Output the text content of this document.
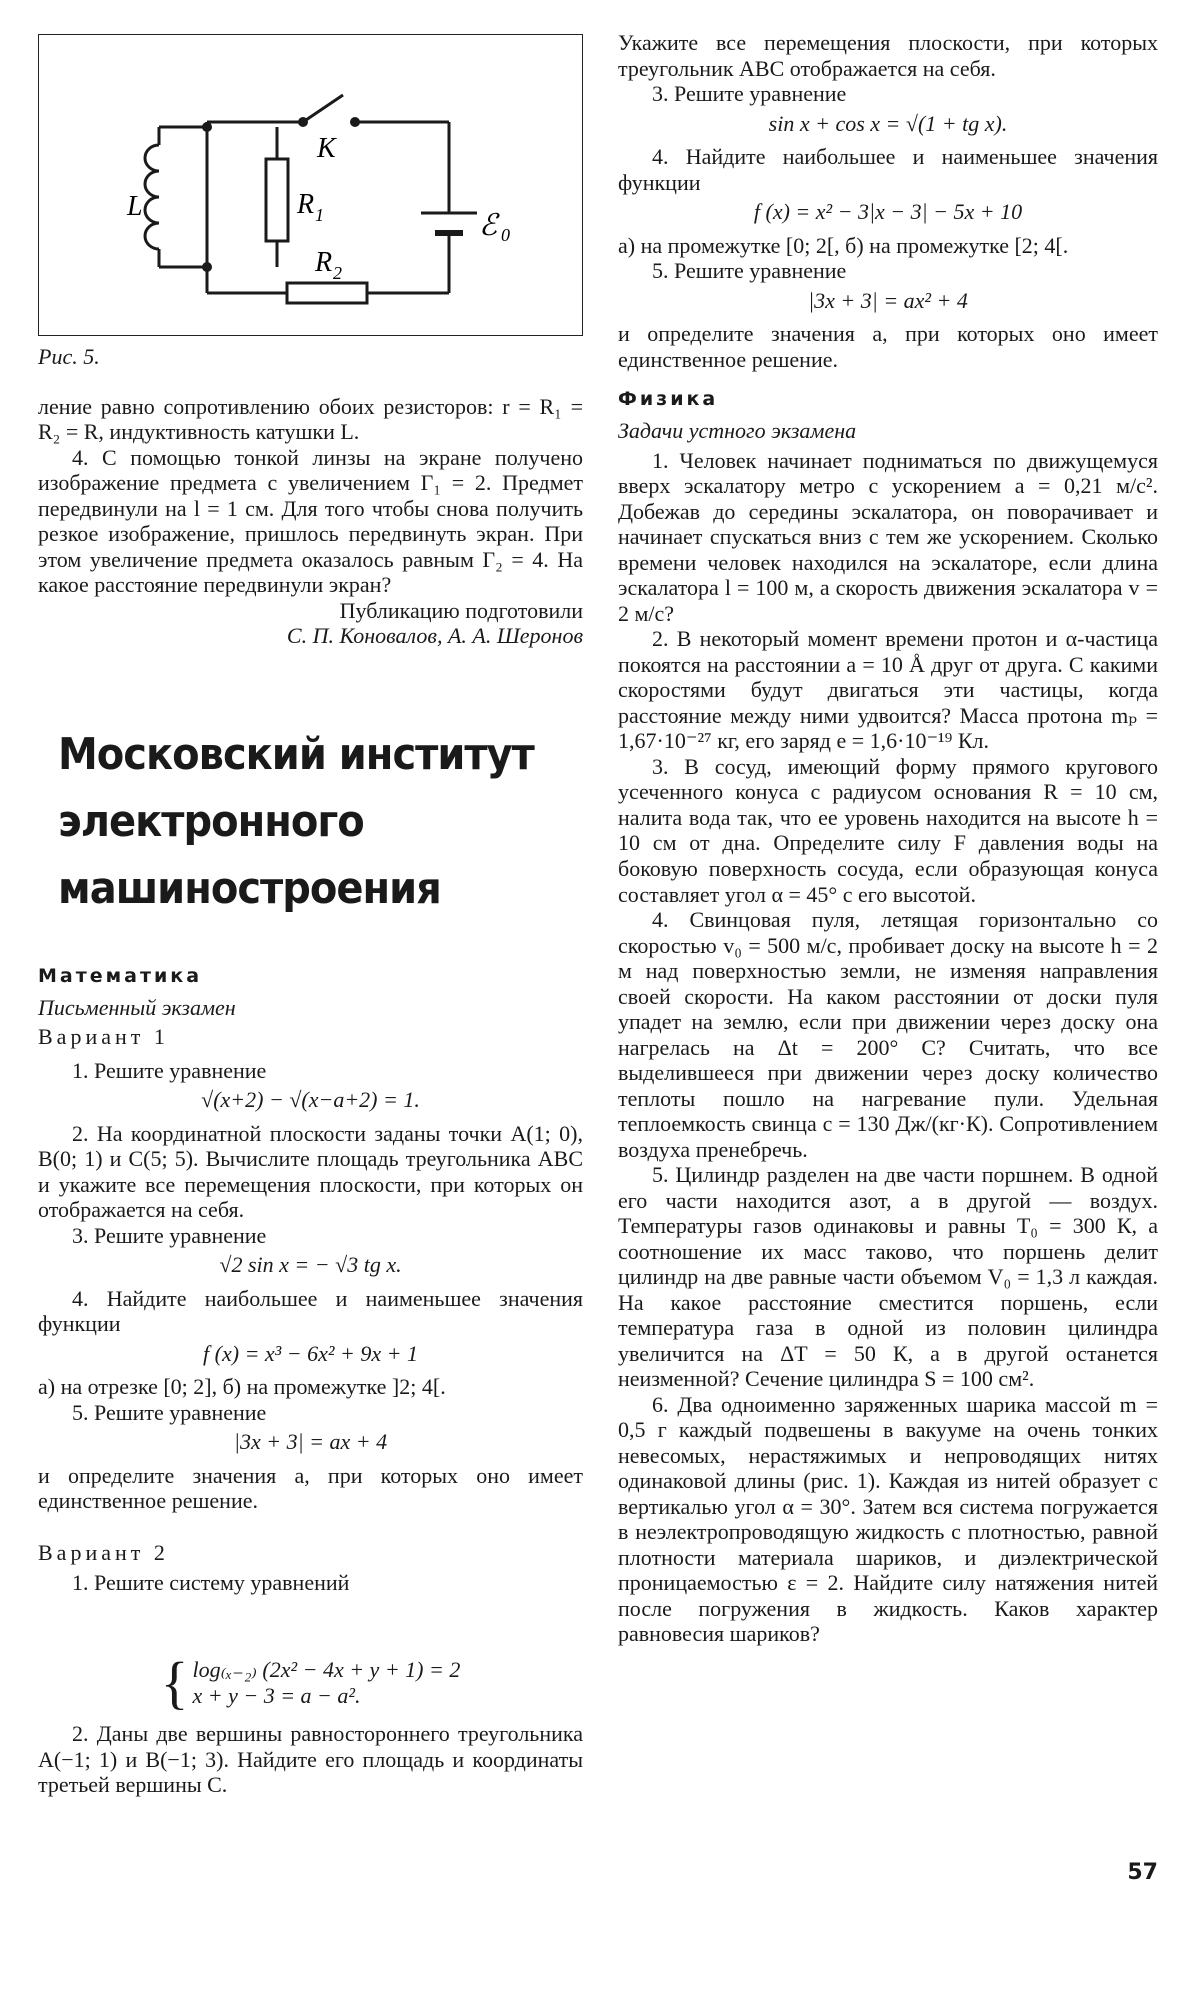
K
L	R 1
R 2
ℰ 0

Рис. 5.

ление равно сопротивлению обоих резисторов: r = R₁ = R₂ = R, индуктивность катушки L.

4. С помощью тонкой линзы на экране получено изображение предмета с увеличением Γ₁ = 2. Предмет передвинули на l = 1 см. Для того чтобы снова получить резкое изображение, пришлось передвинуть экран. При этом увеличение предмета оказалось равным Γ₂ = 4. На какое расстояние передвинули экран?

Публикацию подготовили

С. П. Коновалов, А. А. Шеронов

Московский институт
электронного
машиностроения
Математика
Письменный экзамен
Вариант 1

1. Решите уравнение

√(x+2) − √(x−a+2) = 1.

2. На координатной плоскости заданы точки A(1; 0), B(0; 1) и C(5; 5). Вычислите площадь треугольника ABC и укажите все перемещения плоскости, при которых он отображается на себя.

3. Решите уравнение

√2 sin x = − √3 tg x.

4. Найдите наибольшее и наименьшее значения функции

f (x) = x³ − 6x² + 9x + 1

а) на отрезке [0; 2], б) на промежутке ]2; 4[.

5. Решите уравнение

|3x + 3| = ax + 4

и определите значения a, при которых оно имеет единственное решение.

Вариант 2

1. Решите систему уравнений

{ log₍ₓ₋₂₎ (2x² − 4x + y + 1) = 2
x + y − 3 = a − a².

2. Даны две вершины равностороннего треугольника A(−1; 1) и B(−1; 3). Найдите его площадь и координаты третьей вершины C.

Укажите все перемещения плоскости, при которых треугольник ABC отображается на себя.

3. Решите уравнение

sin x + cos x = √(1 + tg x).

4. Найдите наибольшее и наименьшее значения функции

f (x) = x² − 3|x − 3| − 5x + 10

а) на промежутке [0; 2[, б) на промежутке [2; 4[.

5. Решите уравнение

|3x + 3| = ax² + 4

и определите значения a, при которых оно имеет единственное решение.

Физика
Задачи устного экзамена

1. Человек начинает подниматься по движущемуся вверх эскалатору метро с ускорением a = 0,21 м/с². Добежав до середины эскалатора, он поворачивает и начинает спускаться вниз с тем же ускорением. Сколько времени человек находился на эскалаторе, если длина эскалатора l = 100 м, а скорость движения эскалатора v = 2 м/с?

2. В некоторый момент времени протон и α-частица покоятся на расстоянии a = 10 Å друг от друга. С какими скоростями будут двигаться эти частицы, когда расстояние между ними удвоится? Масса протона mₚ = 1,67·10⁻²⁷ кг, его заряд e = 1,6·10⁻¹⁹ Кл.

3. В сосуд, имеющий форму прямого кругового усеченного конуса с радиусом основания R = 10 см, налита вода так, что ее уровень находится на высоте h = 10 см от дна. Определите силу F давления воды на боковую поверхность сосуда, если образующая конуса составляет угол α = 45° с его высотой.

4. Свинцовая пуля, летящая горизонтально со скоростью v₀ = 500 м/с, пробивает доску на высоте h = 2 м над поверхностью земли, не изменяя направления своей скорости. На каком расстоянии от доски пуля упадет на землю, если при движении через доску она нагрелась на Δt = 200° С? Считать, что все выделившееся при движении через доску количество теплоты пошло на нагревание пули. Удельная теплоемкость свинца c = 130 Дж/(кг·К). Сопротивлением воздуха пренебречь.

5. Цилиндр разделен на две части поршнем. В одной его части находится азот, а в другой — воздух. Температуры газов одинаковы и равны T₀ = 300 К, а соотношение их масс таково, что поршень делит цилиндр на две равные части объемом V₀ = 1,3 л каждая. На какое расстояние сместится поршень, если температура газа в одной из половин цилиндра увеличится на ΔT = 50 К, а в другой останется неизменной? Сечение цилиндра S = 100 см².

6. Два одноименно заряженных шарика массой m = 0,5 г каждый подвешены в вакууме на очень тонких невесомых, нерастяжимых и непроводящих нитях одинаковой длины (рис. 1). Каждая из нитей образует с вертикалью угол α = 30°. Затем вся система погружается в неэлектропроводящую жидкость с плотностью, равной плотности материала шариков, и диэлектрической проницаемостью ε = 2. Найдите силу натяжения нитей после погружения в жидкость. Каков характер равновесия шариков?

57
